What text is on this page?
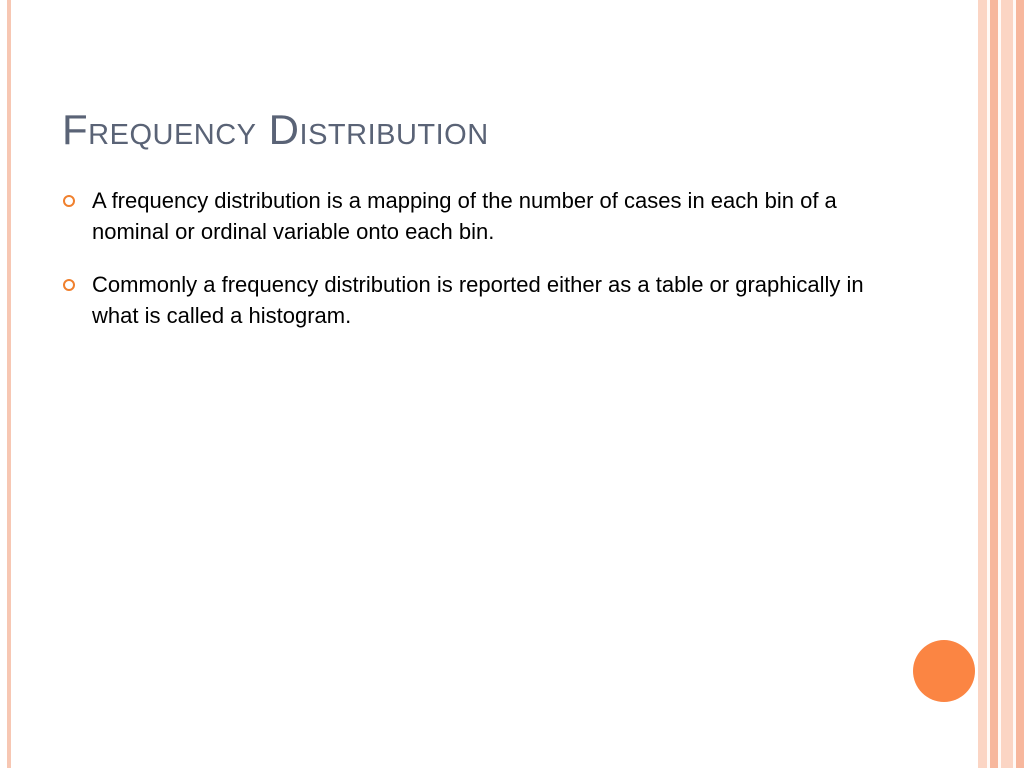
Frequency Distribution
A frequency distribution is a mapping of the number of cases in each bin of a nominal or ordinal variable onto each bin.
Commonly a frequency distribution is reported either as a table or graphically in what is called a histogram.
